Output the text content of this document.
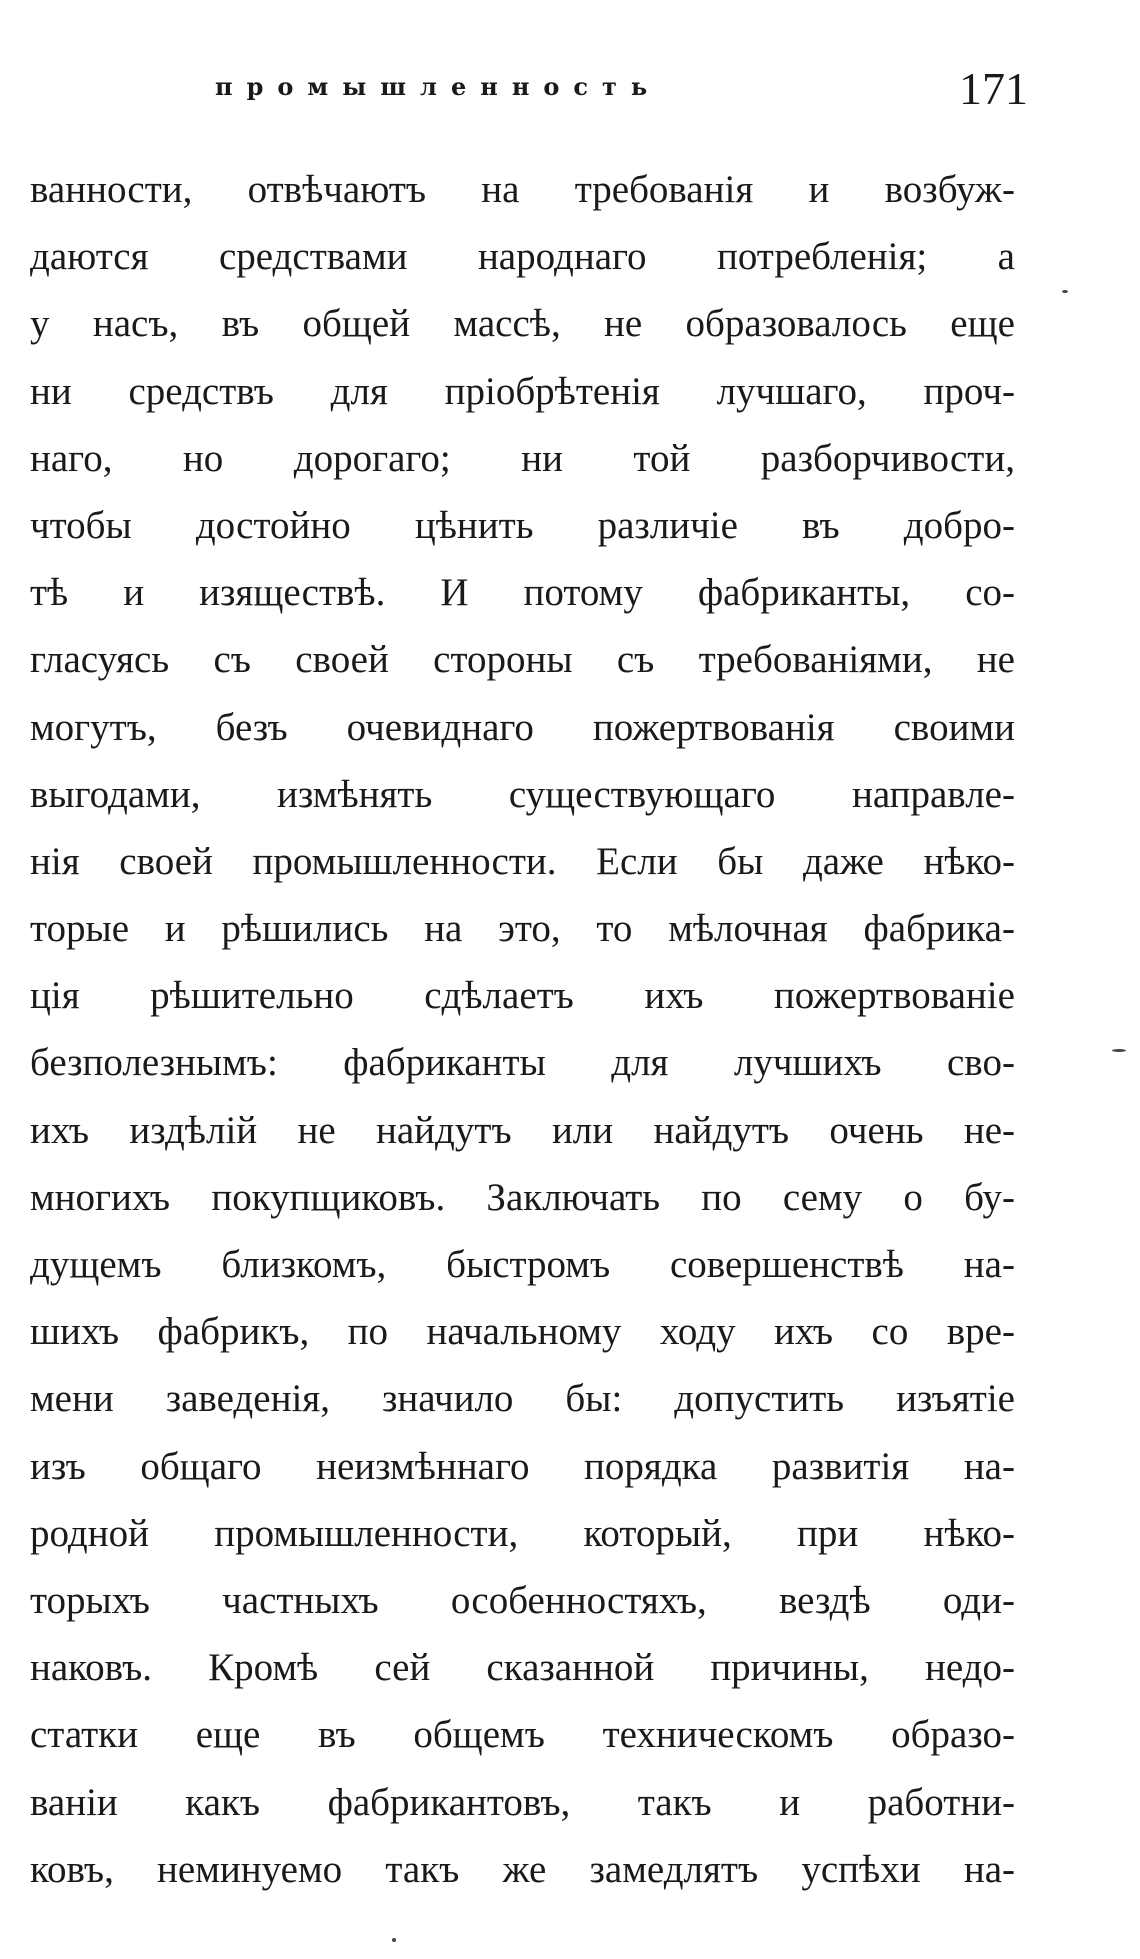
промышленность	171
ванности, отвѣчаютъ на требованія и возбуж-
даются средствами народнаго потребленія; а
у насъ, въ общей массѣ, не образовалось еще
ни средствъ для пріобрѣтенія лучшаго, проч-
наго, но дорогаго; ни той разборчивости,
чтобы достойно цѣнить различіе въ добро-
тѣ и изяществѣ. И потому фабриканты, со-
гласуясь съ своей стороны съ требованіями, не
могутъ, безъ очевиднаго пожертвованія своими
выгодами, измѣнять существующаго направле-
нія своей промышленности. Если бы даже нѣко-
торые и рѣшились на это, то мѣлочная фабрика-
ція рѣшительно сдѣлаетъ ихъ пожертвованіе
безполезнымъ: фабриканты для лучшихъ сво-
ихъ издѣлій не найдутъ или найдутъ очень не-
многихъ покупщиковъ. Заключать по сему о бу-
дущемъ близкомъ, быстромъ совершенствѣ на-
шихъ фабрикъ, по начальному ходу ихъ со вре-
мени заведенія, значило бы: допустить изъятіе
изъ общаго неизмѣннаго порядка развитія на-
родной промышленности, который, при нѣко-
торыхъ частныхъ особенностяхъ, вездѣ оди-
наковъ. Кромѣ сей сказанной причины, недо-
статки еще въ общемъ техническомъ образо-
ваніи какъ фабрикантовъ, такъ и работни-
ковъ, неминуемо такъ же замедлятъ успѣхи на-
